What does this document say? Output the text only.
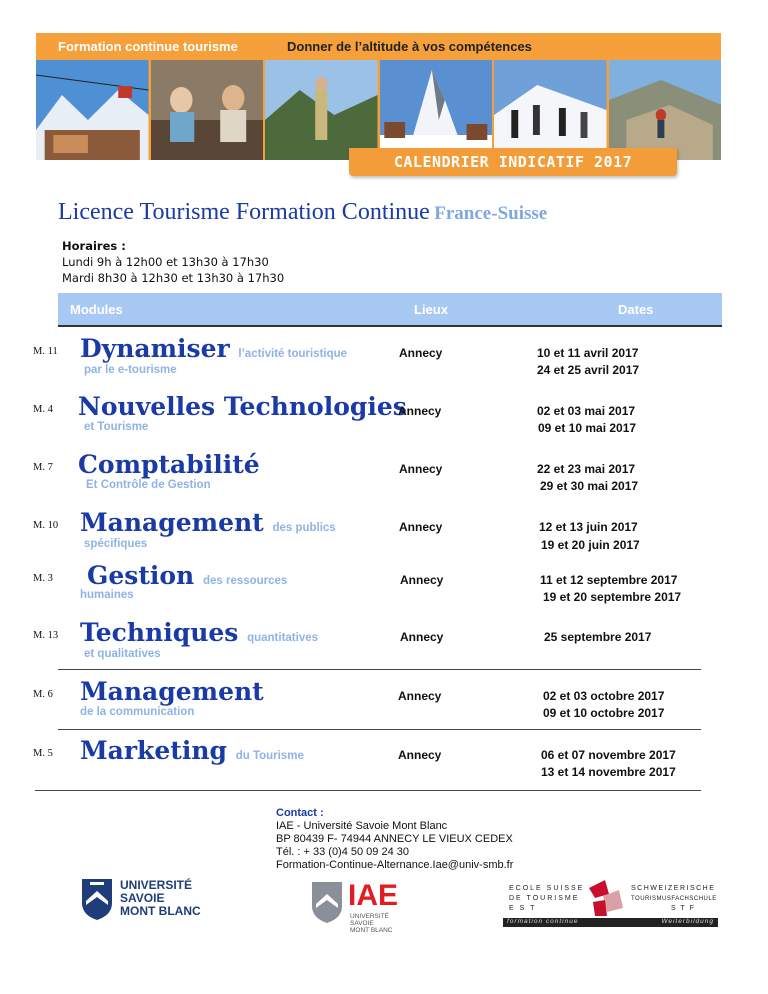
Formation continue tourisme	Donner de l’altitude à vos compétences
CALENDRIER INDICATIF 2017
Licence Tourisme Formation Continue France-Suisse
Horaires :
Lundi 9h à 12h00 et 13h30 à 17h30
Mardi 8h30 à 12h30 et 13h30 à 17h30
Modules	Lieux	Dates
M. 11 Dynamiser l’activité touristique
par le e-tourisme
Annecy	10 et 11 avril 2017
24 et 25 avril 2017
M. 4 Nouvelles Technologies
et Tourisme
Annecy	02 et 03 mai 2017
09 et 10 mai 2017
M. 7 Comptabilité
Et Contrôle de Gestion
Annecy	22 et 23 mai 2017
29 et 30 mai 2017
M. 10 Management des publics
spécifiques
Annecy	12 et 13 juin 2017
19 et 20 juin 2017
M. 3 Gestion des ressources
humaines
Annecy	11 et 12 septembre 2017
19 et 20 septembre 2017
M. 13 Techniques quantitatives
et qualitatives
Annecy	25 septembre 2017
M. 6 Management
de la communication
Annecy	02 et 03 octobre 2017
09 et 10 octobre 2017
M. 5 Marketing du Tourisme	Annecy	06 et 07 novembre 2017
13 et 14 novembre 2017
Contact :
IAE - Université Savoie Mont Blanc
BP 80439 F- 74944 ANNECY LE VIEUX CEDEX
Tél. : + 33 (0)4 50 09 24 30
Formation-Continue-Alternance.Iae@univ-smb.fr
UNIVERSITÉ
SAVOIE
MONT BLANC	IAE
UNIVERSITÉ SAVOIE
MONT BLANC
ECOLE SUISSE
DE TOURISME
E S T
SCHWEIZERISCHE
TOURISMUSFACHSCHULE
S T F
formation continue	Weiterbildung
